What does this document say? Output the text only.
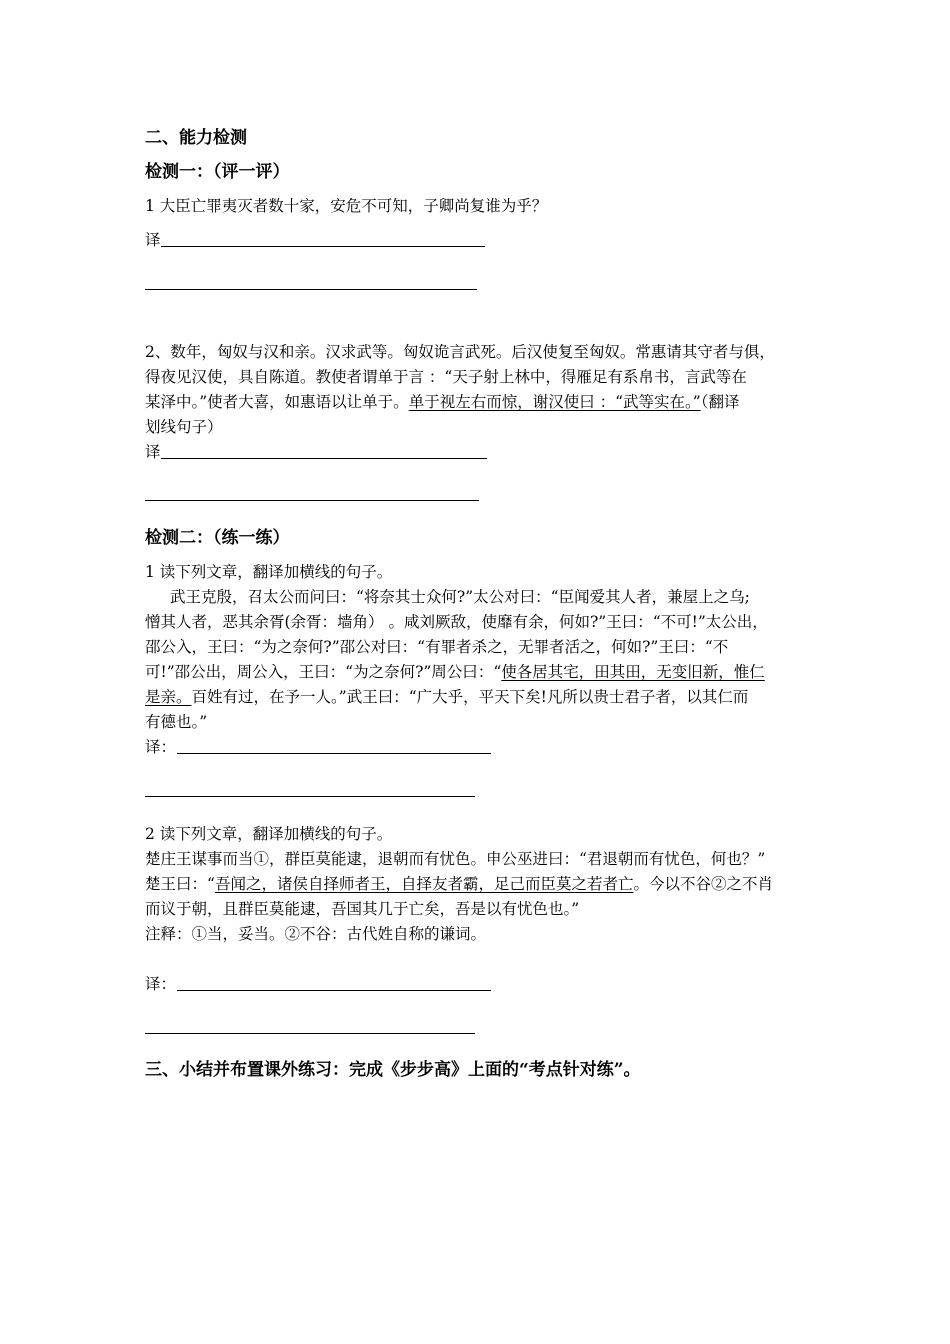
二、能力检测
检测一：（评一评）
1 大臣亡罪夷灭者数十家，安危不可知，子卿尚复谁为乎？
译
2、数年，匈奴与汉和亲。汉求武等。匈奴诡言武死。后汉使复至匈奴。常惠请其守者与俱，
得夜见汉使，具自陈道。教使者谓单于言 ：“天子射上林中，得雁足有系帛书，言武等在
某泽中。”使者大喜，如惠语以让单于。单于视左右而惊，谢汉使曰 ：“武等实在。”（翻译
划线句子）
译
检测二：（练一练）
1 读下列文章，翻译加横线的句子。
武王克殷，召太公而问曰：“将奈其士众何?”太公对曰：“臣闻爱其人者，兼屋上之乌;
憎其人者，恶其余胥(余胥：墙角） 。咸刘厥敌，使靡有余，何如?”王曰：“不可!”太公出，
邵公入，王曰：“为之奈何?”邵公对曰：“有罪者杀之，无罪者活之，何如?”王曰：“不
可!”邵公出，周公入，王曰：“为之奈何?”周公曰：“使各居其宅，田其田，无变旧新，惟仁
是亲。百姓有过，在予一人。”武王曰：“广大乎，平天下矣!凡所以贵士君子者，以其仁而
有德也。”
译：
2 读下列文章，翻译加横线的句子。
楚庄王谋事而当①，群臣莫能逮，退朝而有忧色。申公巫进曰：“君退朝而有忧色，何也？”
楚王曰：“吾闻之，诸侯自择师者王，自择友者霸，足己而臣莫之若者亡。今以不谷②之不肖
而议于朝，且群臣莫能逮，吾国其几于亡矣，吾是以有忧色也。”
注释：①当，妥当。②不谷：古代姓自称的谦词。
译：
三、小结并布置课外练习：完成《步步高》上面的“考点针对练”。
